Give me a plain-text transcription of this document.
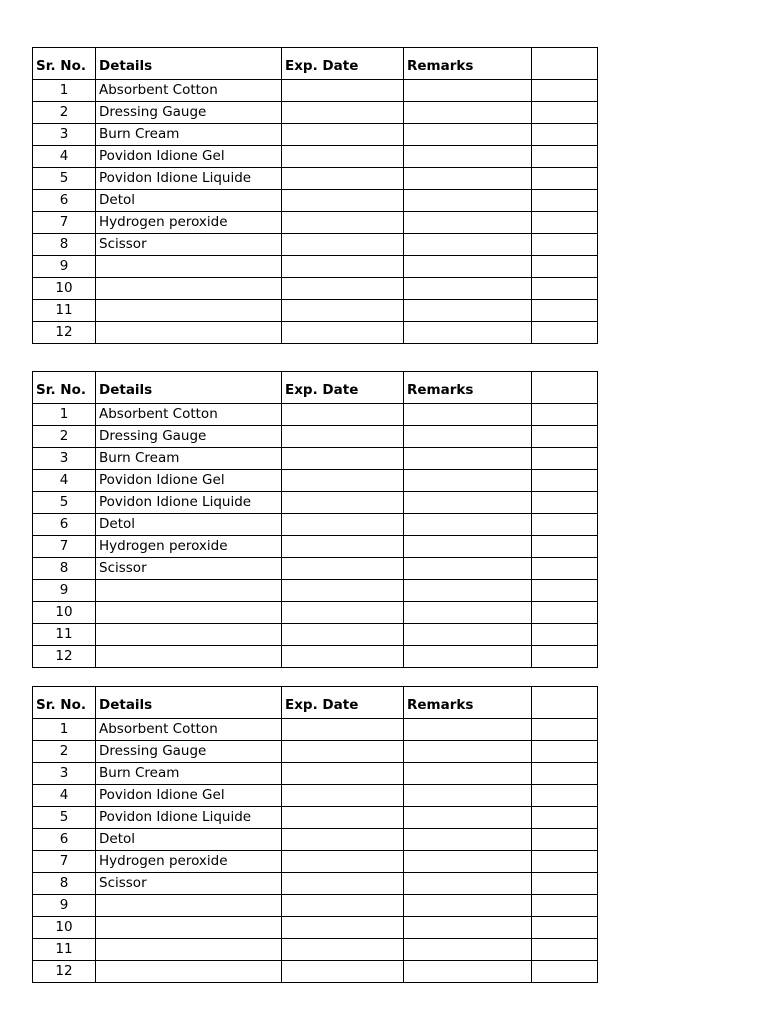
Sr. No.	Details	Exp. Date	Remarks	
1	Absorbent Cotton			
2	Dressing Gauge			
3	Burn Cream			
4	Povidon Idione Gel			
5	Povidon Idione Liquide			
6	Detol			
7	Hydrogen peroxide			
8	Scissor			
9				
10				
11				
12				
Sr. No.	Details	Exp. Date	Remarks	
1	Absorbent Cotton			
2	Dressing Gauge			
3	Burn Cream			
4	Povidon Idione Gel			
5	Povidon Idione Liquide			
6	Detol			
7	Hydrogen peroxide			
8	Scissor			
9				
10				
11				
12				
Sr. No.	Details	Exp. Date	Remarks	
1	Absorbent Cotton			
2	Dressing Gauge			
3	Burn Cream			
4	Povidon Idione Gel			
5	Povidon Idione Liquide			
6	Detol			
7	Hydrogen peroxide			
8	Scissor			
9				
10				
11				
12				
